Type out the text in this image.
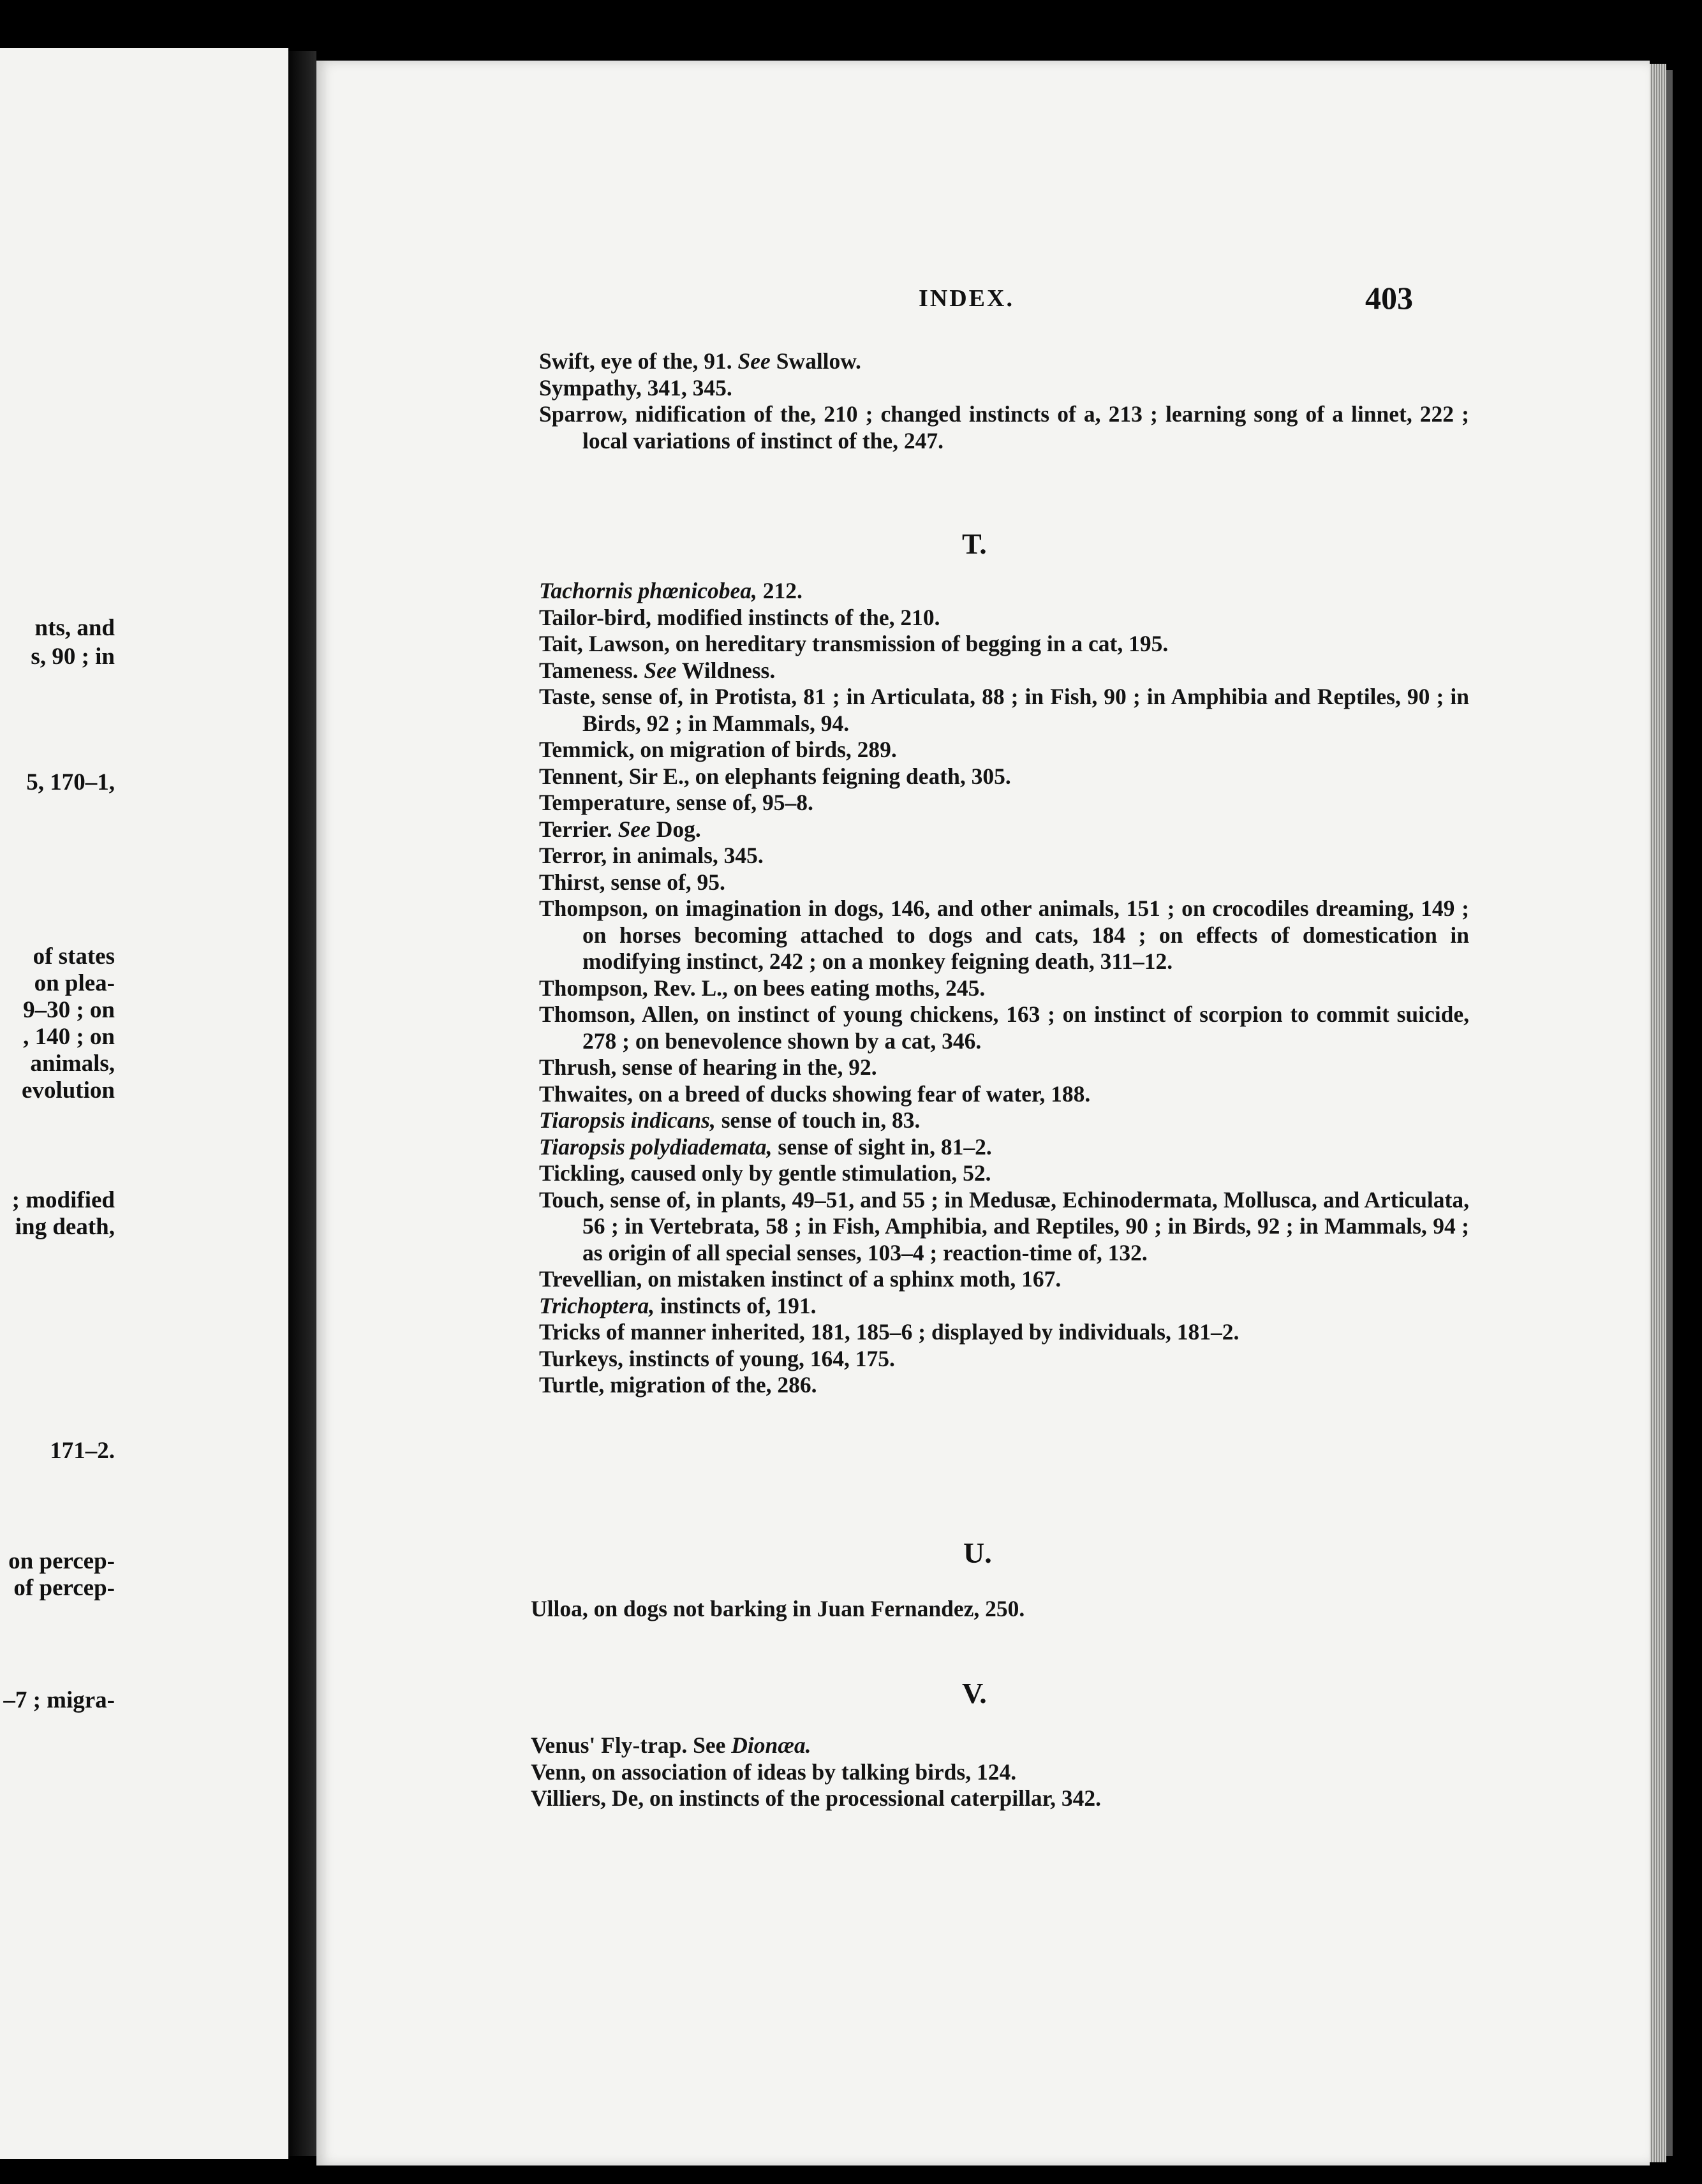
nts, and
s, 90 ; in
5, 170–1,
of states
on plea-
9–30 ; on
, 140 ; on
animals,
evolution
; modified
ing death,
171–2.
on percep-
of percep-
–7 ; migra-
INDEX.	403

Swift, eye of the, 91. See Swallow.

Sympathy, 341, 345.

Sparrow, nidification of the, 210 ; changed instincts of a, 213 ; learning song of a linnet, 222 ; local variations of instinct of the, 247.

T.

Tachornis phœnicobea, 212.

Tailor-bird, modified instincts of the, 210.

Tait, Lawson, on hereditary transmission of begging in a cat, 195.

Tameness. See Wildness.

Taste, sense of, in Protista, 81 ; in Articulata, 88 ; in Fish, 90 ; in Amphibia and Reptiles, 90 ; in Birds, 92 ; in Mammals, 94.

Temmick, on migration of birds, 289.

Tennent, Sir E., on elephants feigning death, 305.

Temperature, sense of, 95–8.

Terrier. See Dog.

Terror, in animals, 345.

Thirst, sense of, 95.

Thompson, on imagination in dogs, 146, and other animals, 151 ; on crocodiles dreaming, 149 ; on horses becoming attached to dogs and cats, 184 ; on effects of domestication in modifying instinct, 242 ; on a monkey feigning death, 311–12.

Thompson, Rev. L., on bees eating moths, 245.

Thomson, Allen, on instinct of young chickens, 163 ; on instinct of scorpion to commit suicide, 278 ; on benevolence shown by a cat, 346.

Thrush, sense of hearing in the, 92.

Thwaites, on a breed of ducks showing fear of water, 188.

Tiaropsis indicans, sense of touch in, 83.

Tiaropsis polydiademata, sense of sight in, 81–2.

Tickling, caused only by gentle stimulation, 52.

Touch, sense of, in plants, 49–51, and 55 ; in Medusæ, Echinodermata, Mollusca, and Articulata, 56 ; in Vertebrata, 58 ; in Fish, Amphibia, and Reptiles, 90 ; in Birds, 92 ; in Mammals, 94 ; as origin of all special senses, 103–4 ; reaction-time of, 132.

Trevellian, on mistaken instinct of a sphinx moth, 167.

Trichoptera, instincts of, 191.

Tricks of manner inherited, 181, 185–6 ; displayed by individuals, 181–2.

Turkeys, instincts of young, 164, 175.

Turtle, migration of the, 286.

U.

Ulloa, on dogs not barking in Juan Fernandez, 250.

V.

Venus' Fly-trap. See Dionæa.

Venn, on association of ideas by talking birds, 124.

Villiers, De, on instincts of the processional caterpillar, 342.
